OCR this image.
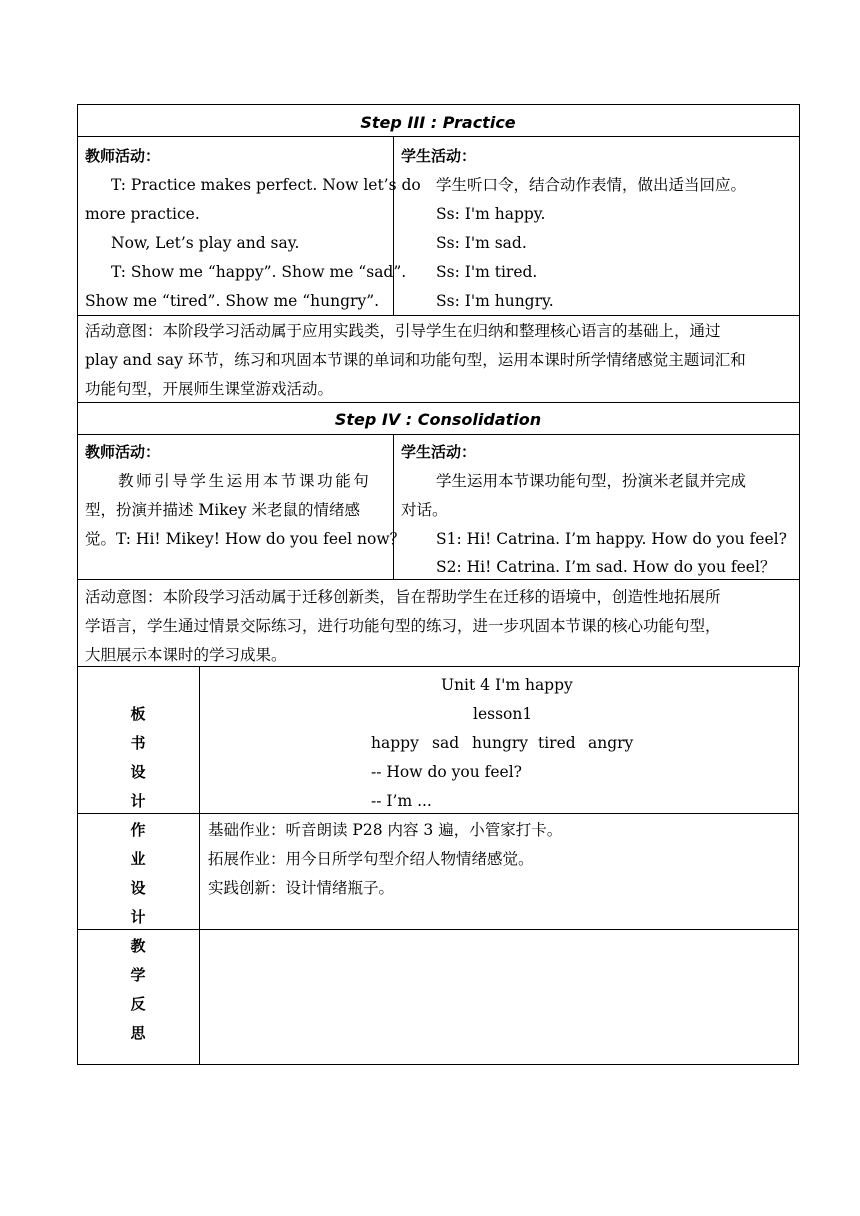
Step III : Practice
教师活动：
T: Practice makes perfect. Now let’s do
more practice.
Now, Let’s play and say.
T: Show me “happy”. Show me “sad”.
Show me “tired”. Show me “hungry”.
学生活动：
学生听口令，结合动作表情，做出适当回应。
Ss: I'm happy.
Ss: I'm sad.
Ss: I'm tired.
Ss: I'm hungry.
活动意图：本阶段学习活动属于应用实践类，引导学生在归纳和整理核心语言的基础上，通过
play and say 环节，练习和巩固本节课的单词和功能句型，运用本课时所学情绪感觉主题词汇和
功能句型，开展师生课堂游戏活动。
Step IV : Consolidation
教师活动：
教师引导学生运用本节课功能句
型，扮演并描述 Mikey 米老鼠的情绪感
觉。T: Hi! Mikey! How do you feel now？
学生活动：
学生运用本节课功能句型，扮演米老鼠并完成
对话。
S1: Hi! Catrina. I’m happy. How do you feel?
S2: Hi! Catrina. I’m sad. How do you feel？
活动意图：本阶段学习活动属于迁移创新类，旨在帮助学生在迁移的语境中，创造性地拓展所
学语言，学生通过情景交际练习，进行功能句型的练习，进一步巩固本节课的核心功能句型，
大胆展示本课时的学习成果。
板
书
设
计
Unit 4 I'm happy
lesson1
happy sad hungry tired angry
-- How do you feel?
-- I’m ...
作
业
设
计
基础作业：听音朗读 P28 内容 3 遍，小管家打卡。
拓展作业：用今日所学句型介绍人物情绪感觉。
实践创新：设计情绪瓶子。
教
学
反
思
